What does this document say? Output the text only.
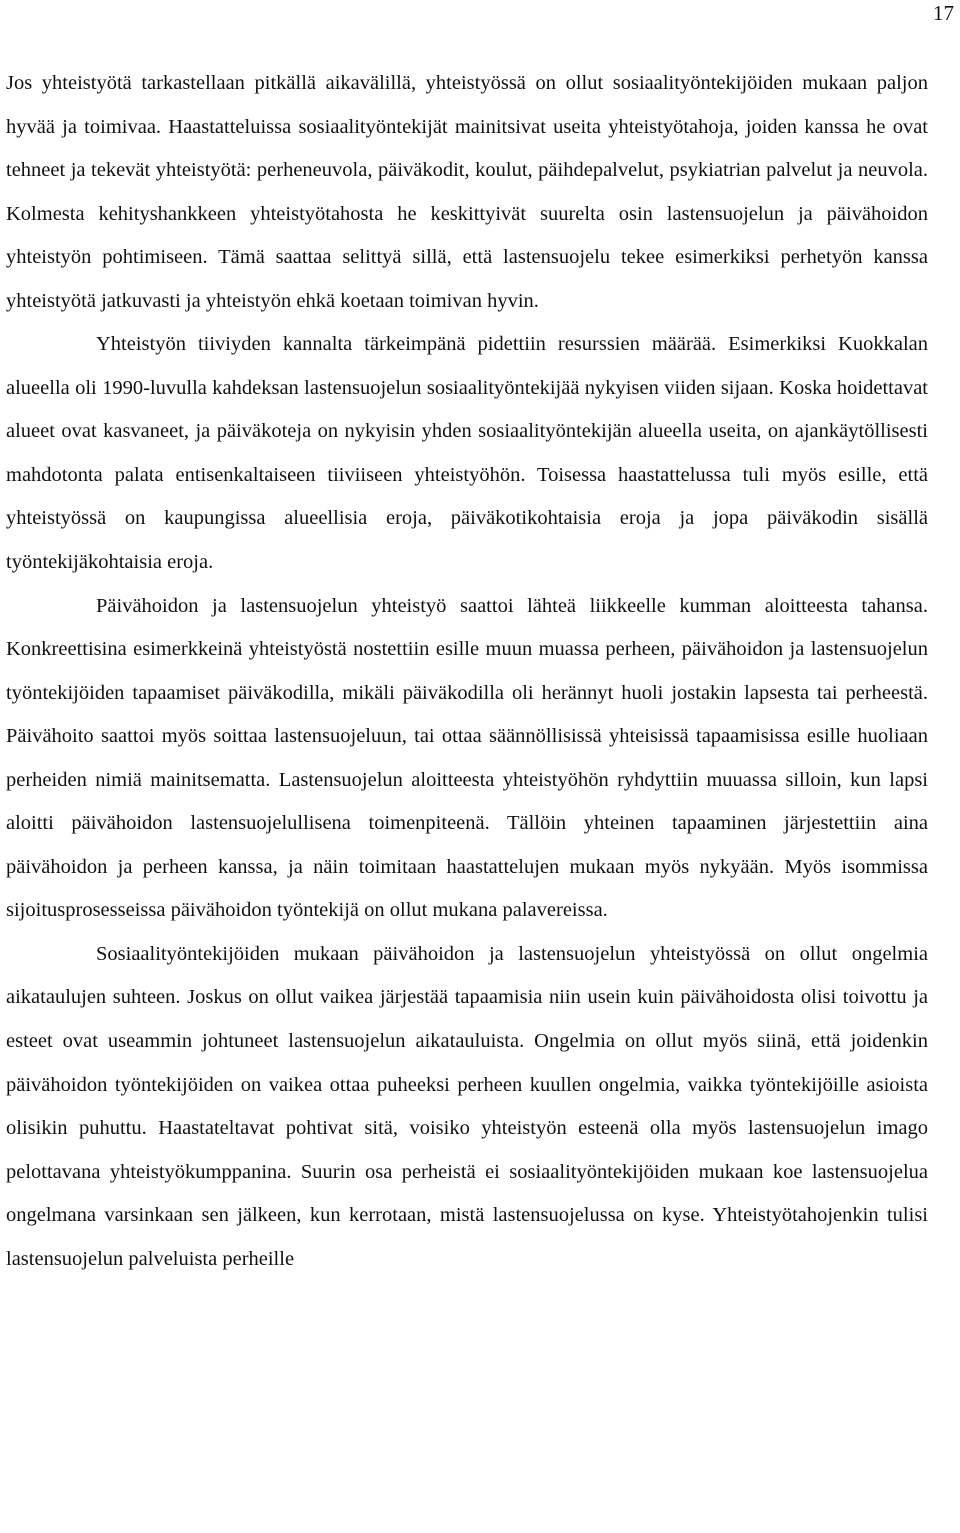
17

Jos yhteistyötä tarkastellaan pitkällä aikavälillä, yhteistyössä on ollut sosiaalityöntekijöiden mukaan paljon hyvää ja toimivaa. Haastatteluissa sosiaalityöntekijät mainitsivat useita yhteistyötahoja, joiden kanssa he ovat tehneet ja tekevät yhteistyötä: perheneuvola, päiväkodit, koulut, päihdepalvelut, psykiatrian palvelut ja neuvola. Kolmesta kehityshankkeen yhteistyötahosta he keskittyivät suurelta osin lastensuojelun ja päivähoidon yhteistyön pohtimiseen. Tämä saattaa selittyä sillä, että lastensuojelu tekee esimerkiksi perhetyön kanssa yhteistyötä jatkuvasti ja yhteistyön ehkä koetaan toimivan hyvin.

Yhteistyön tiiviyden kannalta tärkeimpänä pidettiin resurssien määrää. Esimerkiksi Kuokkalan alueella oli 1990-luvulla kahdeksan lastensuojelun sosiaalityöntekijää nykyisen viiden sijaan. Koska hoidettavat alueet ovat kasvaneet, ja päiväkoteja on nykyisin yhden sosiaalityöntekijän alueella useita, on ajankäytöllisesti mahdotonta palata entisenkaltaiseen tiiviiseen yhteistyöhön. Toisessa haastattelussa tuli myös esille, että yhteistyössä on kaupungissa alueellisia eroja, päiväkotikohtaisia eroja ja jopa päiväkodin sisällä työntekijäkohtaisia eroja.

Päivähoidon ja lastensuojelun yhteistyö saattoi lähteä liikkeelle kumman aloitteesta tahansa. Konkreettisina esimerkkeinä yhteistyöstä nostettiin esille muun muassa perheen, päivähoidon ja lastensuojelun työntekijöiden tapaamiset päiväkodilla, mikäli päiväkodilla oli herännyt huoli jostakin lapsesta tai perheestä. Päivähoito saattoi myös soittaa lastensuojeluun, tai ottaa säännöllisissä yhteisissä tapaamisissa esille huoliaan perheiden nimiä mainitsematta. Lastensuojelun aloitteesta yhteistyöhön ryhdyttiin muuassa silloin, kun lapsi aloitti päivähoidon lastensuojelullisena toimenpiteenä. Tällöin yhteinen tapaaminen järjestettiin aina päivähoidon ja perheen kanssa, ja näin toimitaan haastattelujen mukaan myös nykyään. Myös isommissa sijoitusprosesseissa päivähoidon työntekijä on ollut mukana palavereissa.

Sosiaalityöntekijöiden mukaan päivähoidon ja lastensuojelun yhteistyössä on ollut ongelmia aikataulujen suhteen. Joskus on ollut vaikea järjestää tapaamisia niin usein kuin päivähoidosta olisi toivottu ja esteet ovat useammin johtuneet lastensuojelun aikatauluista. Ongelmia on ollut myös siinä, että joidenkin päivähoidon työntekijöiden on vaikea ottaa puheeksi perheen kuullen ongelmia, vaikka työntekijöille asioista olisikin puhuttu. Haastateltavat pohtivat sitä, voisiko yhteistyön esteenä olla myös lastensuojelun imago pelottavana yhteistyökumppanina. Suurin osa perheistä ei sosiaalityöntekijöiden mukaan koe lastensuojelua ongelmana varsinkaan sen jälkeen, kun kerrotaan, mistä lastensuojelussa on kyse. Yhteistyötahojenkin tulisi lastensuojelun palveluista perheille
